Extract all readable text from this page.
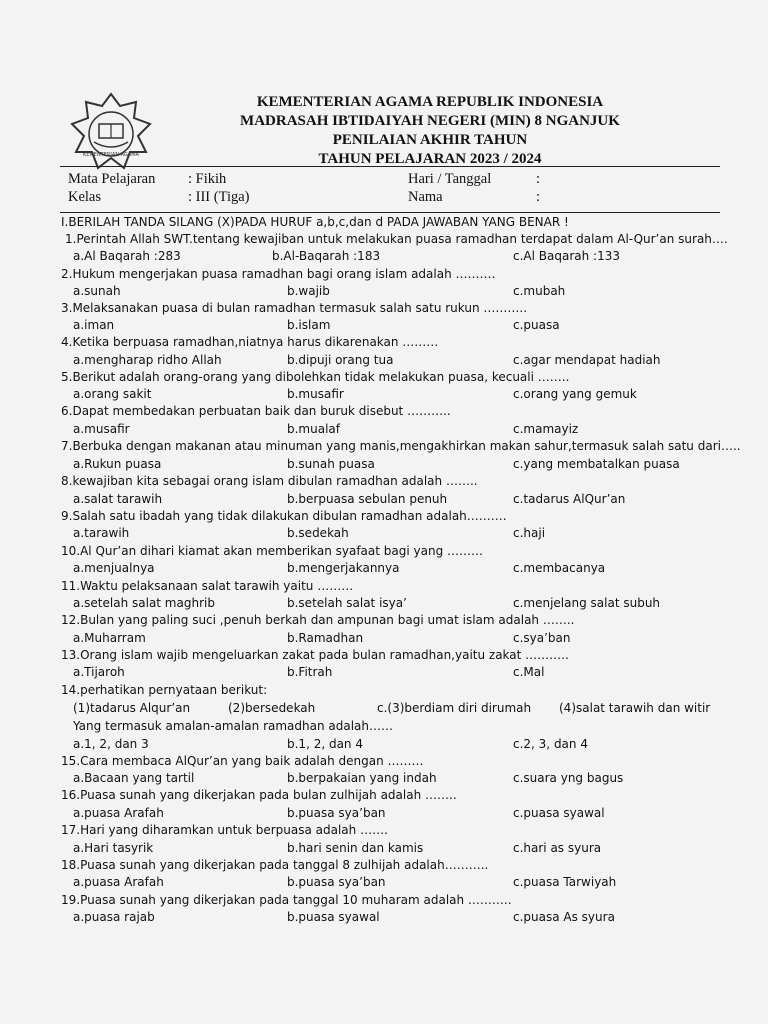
KEMENTERIAN AGAMA
KEMENTERIAN AGAMA REPUBLIK INDONESIA
MADRASAH IBTIDAIYAH NEGERI (MIN) 8 NGANJUK
PENILAIAN AKHIR TAHUN
TAHUN PELAJARAN 2023 / 2024
Mata Pelajaran : Fikih	Hari / Tanggal	:
Kelas	: III (Tiga)	Nama	:
I.BERILAH TANDA SILANG (X)PADA HURUF a,b,c,dan d PADA JAWABAN YANG BENAR !
1.Perintah Allah SWT.tentang kewajiban untuk melakukan puasa ramadhan terdapat dalam Al-Qur’an surah….
a.Al Baqarah :283	b.Al-Baqarah :183	c.Al Baqarah :133
2.Hukum mengerjakan puasa ramadhan bagi orang islam adalah ……….
a.sunah	b.wajib	c.mubah
3.Melaksanakan puasa di bulan ramadhan termasuk salah satu rukun ………..
a.iman	b.islam	c.puasa
4.Ketika berpuasa ramadhan,niatnya harus dikarenakan ………
a.mengharap ridho Allah	b.dipuji orang tua	c.agar mendapat hadiah
5.Berikut adalah orang-orang yang dibolehkan tidak melakukan puasa, kecuali ……..
a.orang sakit	b.musafir	c.orang yang gemuk
6.Dapat membedakan perbuatan baik dan buruk disebut ………..
a.musafir	b.mualaf	c.mamayiz
7.Berbuka dengan makanan atau minuman yang manis,mengakhirkan makan sahur,termasuk salah satu dari…..
a.Rukun puasa	b.sunah puasa	c.yang membatalkan puasa
8.kewajiban kita sebagai orang islam dibulan ramadhan adalah ……..
a.salat tarawih	b.berpuasa sebulan penuh	c.tadarus AlQur’an
9.Salah satu ibadah yang tidak dilakukan dibulan ramadhan adalah……….
a.tarawih	b.sedekah	c.haji
10.Al Qur’an dihari kiamat akan memberikan syafaat bagi yang ………
a.menjualnya	b.mengerjakannya	c.membacanya
11.Waktu pelaksanaan salat tarawih yaitu ………
a.setelah salat maghrib	b.setelah salat isya’	c.menjelang salat subuh
12.Bulan yang paling suci ,penuh berkah dan ampunan bagi umat islam adalah ……..
a.Muharram	b.Ramadhan	c.sya’ban
13.Orang islam wajib mengeluarkan zakat pada bulan ramadhan,yaitu zakat ………..
a.Tijaroh	b.Fitrah	c.Mal
14.perhatikan pernyataan berikut:
(1)tadarus Alqur’an	(2)bersedekah	c.(3)berdiam diri dirumah (4)salat tarawih dan witir
Yang termasuk amalan-amalan ramadhan adalah……
a.1, 2, dan 3	b.1, 2, dan 4	c.2, 3, dan 4
15.Cara membaca AlQur’an yang baik adalah dengan ………
a.Bacaan yang tartil	b.berpakaian yang indah	c.suara yng bagus
16.Puasa sunah yang dikerjakan pada bulan zulhijah adalah ……..
a.puasa Arafah	b.puasa sya’ban	c.puasa syawal
17.Hari yang diharamkan untuk berpuasa adalah …….
a.Hari tasyrik	b.hari senin dan kamis	c.hari as syura
18.Puasa sunah yang dikerjakan pada tanggal 8 zulhijah adalah………..
a.puasa Arafah	b.puasa sya’ban	c.puasa Tarwiyah
19.Puasa sunah yang dikerjakan pada tanggal 10 muharam adalah ………..
a.puasa rajab	b.puasa syawal	c.puasa As syura
